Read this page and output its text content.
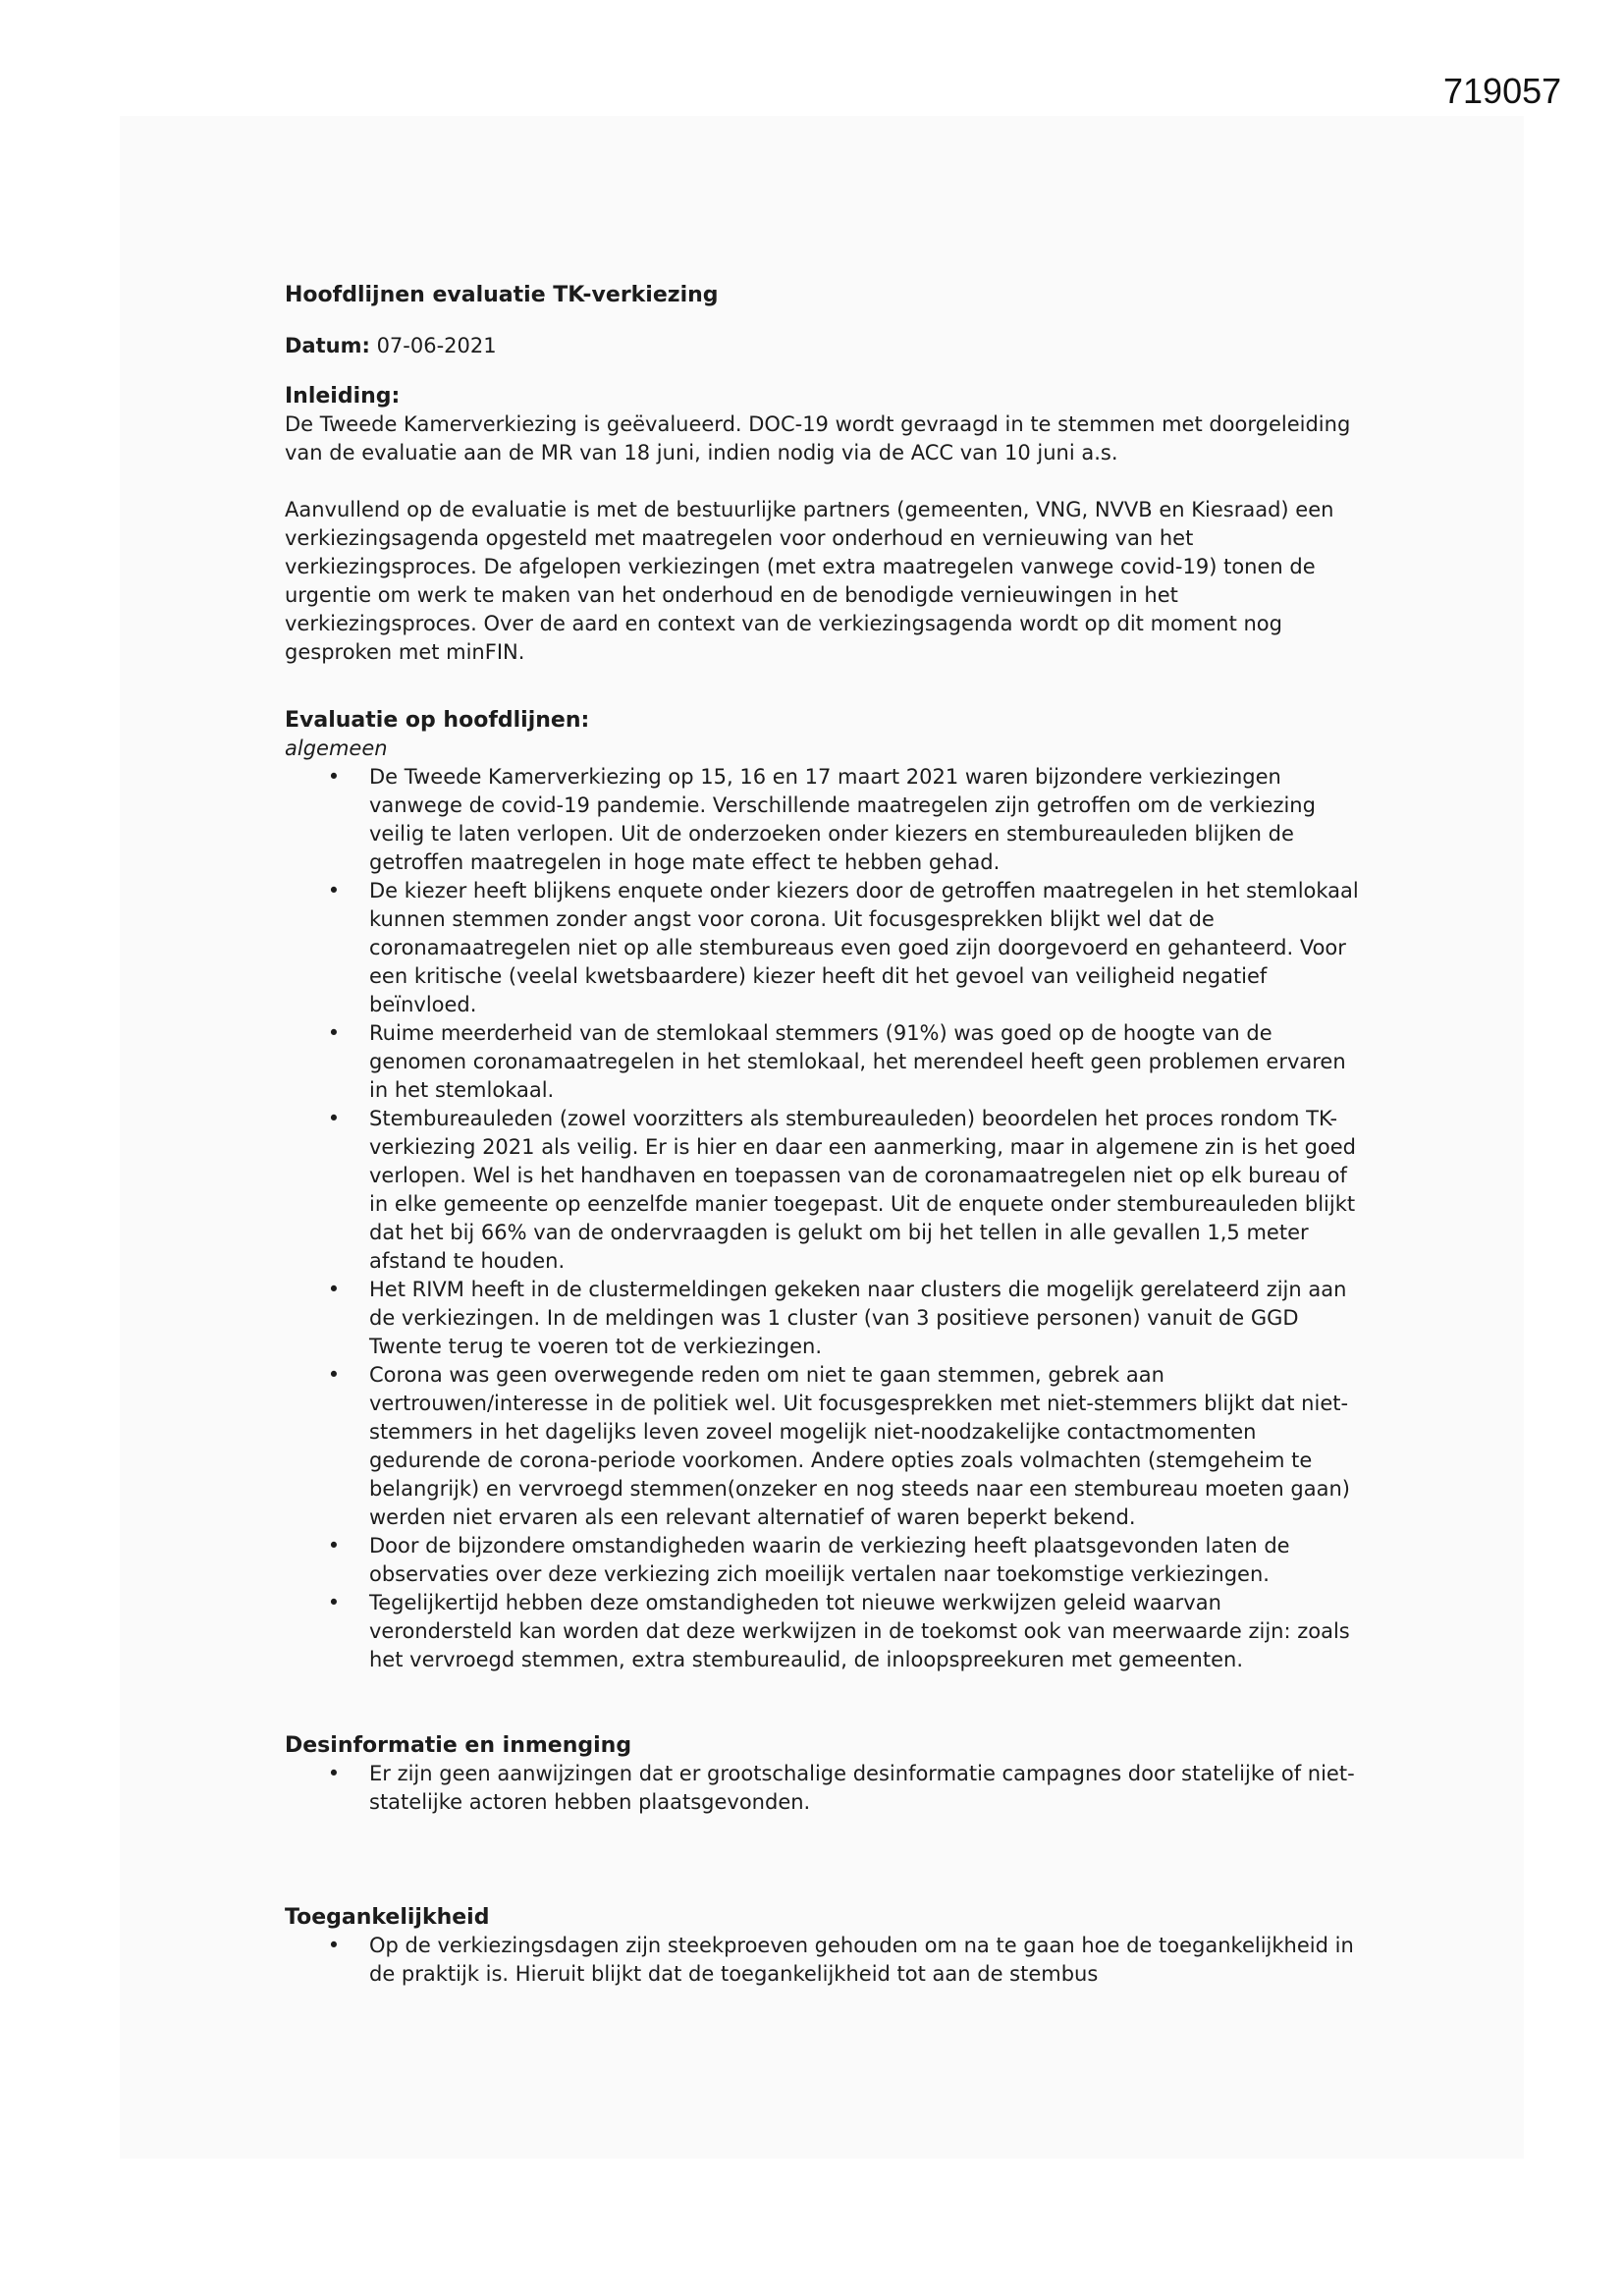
719057
Hoofdlijnen evaluatie TK-verkiezing

Datum: 07-06-2021

Inleiding:

De Tweede Kamerverkiezing is geëvalueerd. DOC-19 wordt gevraagd in te stemmen met doorgeleiding van de evaluatie aan de MR van 18 juni, indien nodig via de ACC van 10 juni a.s.

Aanvullend op de evaluatie is met de bestuurlijke partners (gemeenten, VNG, NVVB en Kiesraad) een verkiezingsagenda opgesteld met maatregelen voor onderhoud en vernieuwing van het verkiezingsproces. De afgelopen verkiezingen (met extra maatregelen vanwege covid-19) tonen de urgentie om werk te maken van het onderhoud en de benodigde vernieuwingen in het verkiezingsproces. Over de aard en context van de verkiezingsagenda wordt op dit moment nog gesproken met minFIN.

Evaluatie op hoofdlijnen:

algemeen

• De Tweede Kamerverkiezing op 15, 16 en 17 maart 2021 waren bijzondere verkiezingen vanwege de covid-19 pandemie. Verschillende maatregelen zijn getroffen om de verkiezing veilig te laten verlopen. Uit de onderzoeken onder kiezers en stembureauleden blijken de getroffen maatregelen in hoge mate effect te hebben gehad.
• De kiezer heeft blijkens enquete onder kiezers door de getroffen maatregelen in het stemlokaal kunnen stemmen zonder angst voor corona. Uit focusgesprekken blijkt wel dat de coronamaatregelen niet op alle stembureaus even goed zijn doorgevoerd en gehanteerd. Voor een kritische (veelal kwetsbaardere) kiezer heeft dit het gevoel van veiligheid negatief beïnvloed.
• Ruime meerderheid van de stemlokaal stemmers (91%) was goed op de hoogte van de genomen coronamaatregelen in het stemlokaal, het merendeel heeft geen problemen ervaren in het stemlokaal.
• Stembureauleden (zowel voorzitters als stembureauleden) beoordelen het proces rondom TK-verkiezing 2021 als veilig. Er is hier en daar een aanmerking, maar in algemene zin is het goed verlopen. Wel is het handhaven en toepassen van de coronamaatregelen niet op elk bureau of in elke gemeente op eenzelfde manier toegepast. Uit de enquete onder stembureauleden blijkt dat het bij 66% van de ondervraagden is gelukt om bij het tellen in alle gevallen 1,5 meter afstand te houden.
• Het RIVM heeft in de clustermeldingen gekeken naar clusters die mogelijk gerelateerd zijn aan de verkiezingen. In de meldingen was 1 cluster (van 3 positieve personen) vanuit de GGD Twente terug te voeren tot de verkiezingen.
• Corona was geen overwegende reden om niet te gaan stemmen, gebrek aan vertrouwen/interesse in de politiek wel. Uit focusgesprekken met niet-stemmers blijkt dat niet-stemmers in het dagelijks leven zoveel mogelijk niet-noodzakelijke contactmomenten gedurende de corona-periode voorkomen. Andere opties zoals volmachten (stemgeheim te belangrijk) en vervroegd stemmen(onzeker en nog steeds naar een stembureau moeten gaan) werden niet ervaren als een relevant alternatief of waren beperkt bekend.
• Door de bijzondere omstandigheden waarin de verkiezing heeft plaatsgevonden laten de observaties over deze verkiezing zich moeilijk vertalen naar toekomstige verkiezingen.
• Tegelijkertijd hebben deze omstandigheden tot nieuwe werkwijzen geleid waarvan verondersteld kan worden dat deze werkwijzen in de toekomst ook van meerwaarde zijn: zoals het vervroegd stemmen, extra stembureaulid, de inloopspreekuren met gemeenten.
Desinformatie en inmenging
• Er zijn geen aanwijzingen dat er grootschalige desinformatie campagnes door statelijke of niet-statelijke actoren hebben plaatsgevonden.
Toegankelijkheid
• Op de verkiezingsdagen zijn steekproeven gehouden om na te gaan hoe de toegankelijkheid in de praktijk is. Hieruit blijkt dat de toegankelijkheid tot aan de stembus
